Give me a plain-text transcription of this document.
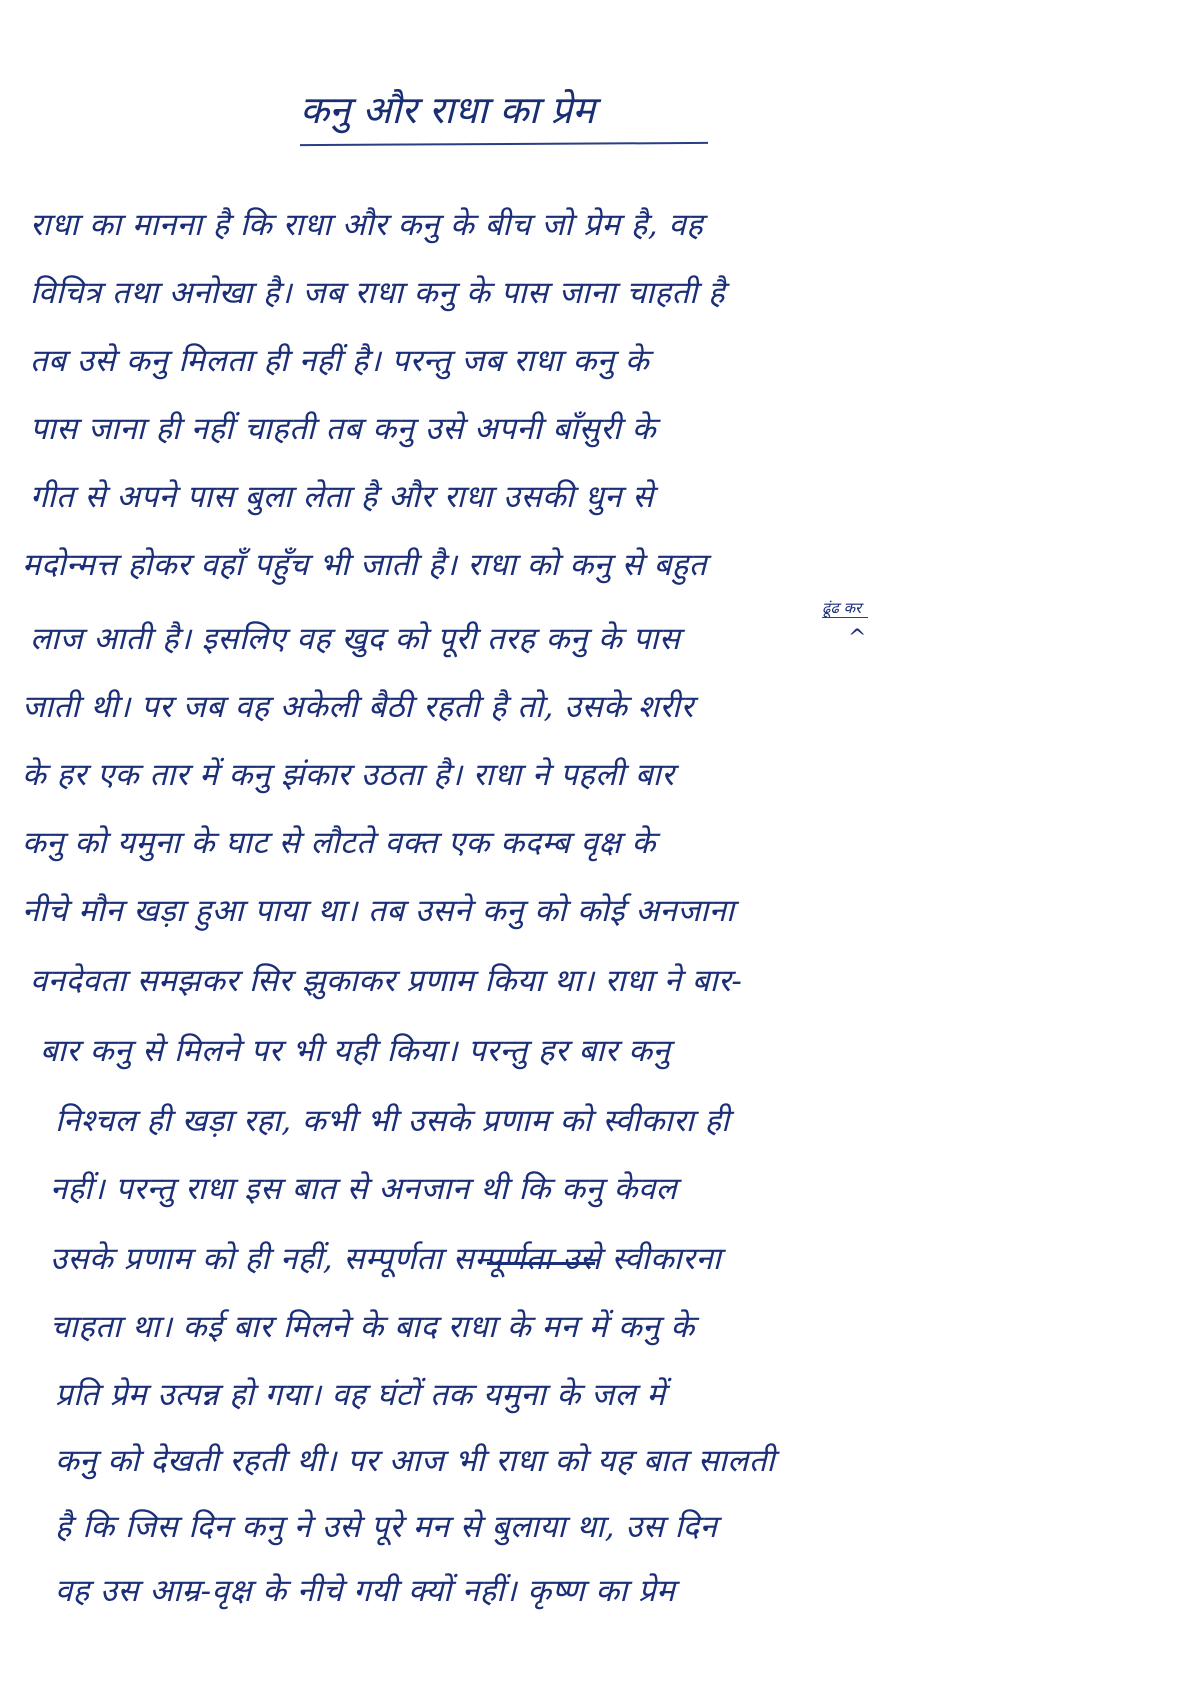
कनु और राधा का प्रेम
ढूंढ कर
^
राधा का मानना है कि राधा और कनु के बीच जो प्रेम है, वह
विचित्र तथा अनोखा है। जब राधा कनु के पास जाना चाहती है
तब उसे कनु मिलता ही नहीं है। परन्तु जब राधा कनु के
पास जाना ही नहीं चाहती तब कनु उसे अपनी बाँसुरी के
गीत से अपने पास बुला लेता है और राधा उसकी धुन से
मदोन्मत्त होकर वहाँ पहुँच भी जाती है। राधा को कनु से बहुत
लाज आती है। इसलिए वह खुद को पूरी तरह कनु के पास
जाती थी। पर जब वह अकेली बैठी रहती है तो, उसके शरीर
के हर एक तार में कनु झंकार उठता है। राधा ने पहली बार
कनु को यमुना के घाट से लौटते वक्त एक कदम्ब वृक्ष के
नीचे मौन खड़ा हुआ पाया था। तब उसने कनु को कोई अनजाना
वनदेवता समझकर सिर झुकाकर प्रणाम किया था। राधा ने बार-
बार कनु से मिलने पर भी यही किया। परन्तु हर बार कनु
निश्चल ही खड़ा रहा, कभी भी उसके प्रणाम को स्वीकारा ही
नहीं। परन्तु राधा इस बात से अनजान थी कि कनु केवल
उसके प्रणाम को ही नहीं, सम्पूर्णता सम्पूर्णता उसे स्वीकारना
चाहता था। कई बार मिलने के बाद राधा के मन में कनु के
प्रति प्रेम उत्पन्न हो गया। वह घंटों तक यमुना के जल में
कनु को देखती रहती थी। पर आज भी राधा को यह बात सालती
है कि जिस दिन कनु ने उसे पूरे मन से बुलाया था, उस दिन
वह उस आम्र-वृक्ष के नीचे गयी क्यों नहीं। कृष्ण का प्रेम
